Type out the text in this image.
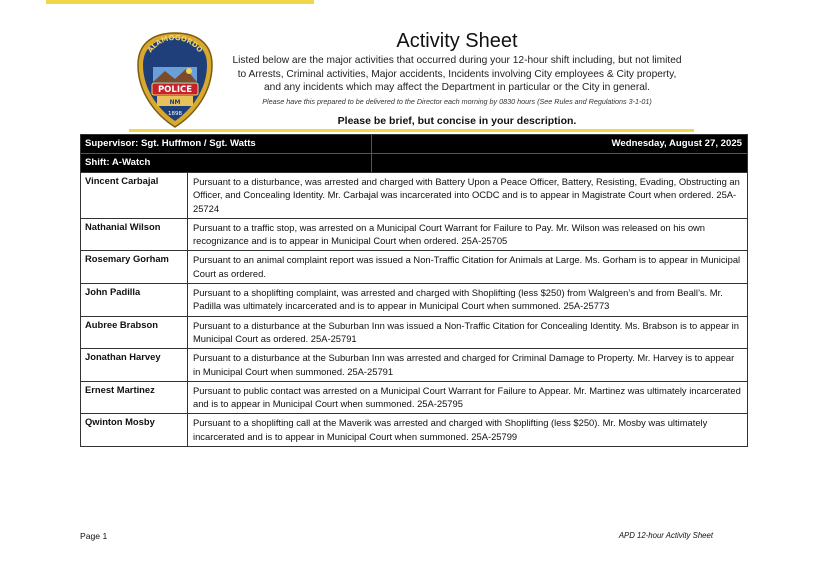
ALAMOGORDO
POLICE
NM
1898
Activity Sheet
Listed below are the major activities that occurred during your 12-hour shift including, but not limited to Arrests, Criminal activities, Major accidents, Incidents involving City employees & City property, and any incidents which may affect the Department in particular or the City in general.
Please have this prepared to be delivered to the Director each morning by 0830 hours (See Rules and Regulations 3-1-01)
Please be brief, but concise in your description.
Supervisor: Sgt. Huffmon / Sgt. Watts	Wednesday, August 27, 2025
Shift: A-Watch
Vincent Carbajal	Pursuant to a disturbance, was arrested and charged with Battery Upon a Peace Officer, Battery, Resisting, Evading, Obstructing an Officer, and Concealing Identity. Mr. Carbajal was incarcerated into OCDC and is to appear in Magistrate Court when ordered. 25A-25724
Nathanial Wilson	Pursuant to a traffic stop, was arrested on a Municipal Court Warrant for Failure to Pay. Mr. Wilson was released on his own recognizance and is to appear in Municipal Court when ordered. 25A-25705
Rosemary Gorham	Pursuant to an animal complaint report was issued a Non-Traffic Citation for Animals at Large. Ms. Gorham is to appear in Municipal Court as ordered.
John Padilla	Pursuant to a shoplifting complaint, was arrested and charged with Shoplifting (less $250) from Walgreen’s and from Beall’s. Mr. Padilla was ultimately incarcerated and is to appear in Municipal Court when summoned. 25A-25773
Aubree Brabson	Pursuant to a disturbance at the Suburban Inn was issued a Non-Traffic Citation for Concealing Identity. Ms. Brabson is to appear in Municipal Court as ordered. 25A-25791
Jonathan Harvey	Pursuant to a disturbance at the Suburban Inn was arrested and charged for Criminal Damage to Property. Mr. Harvey is to appear in Municipal Court when summoned. 25A-25791
Ernest Martinez	Pursuant to public contact was arrested on a Municipal Court Warrant for Failure to Appear. Mr. Martinez was ultimately incarcerated and is to appear in Municipal Court when summoned. 25A-25795
Qwinton Mosby	Pursuant to a shoplifting call at the Maverik was arrested and charged with Shoplifting (less $250). Mr. Mosby was ultimately incarcerated and is to appear in Municipal Court when summoned. 25A-25799
Page 1	APD 12-hour Activity Sheet
